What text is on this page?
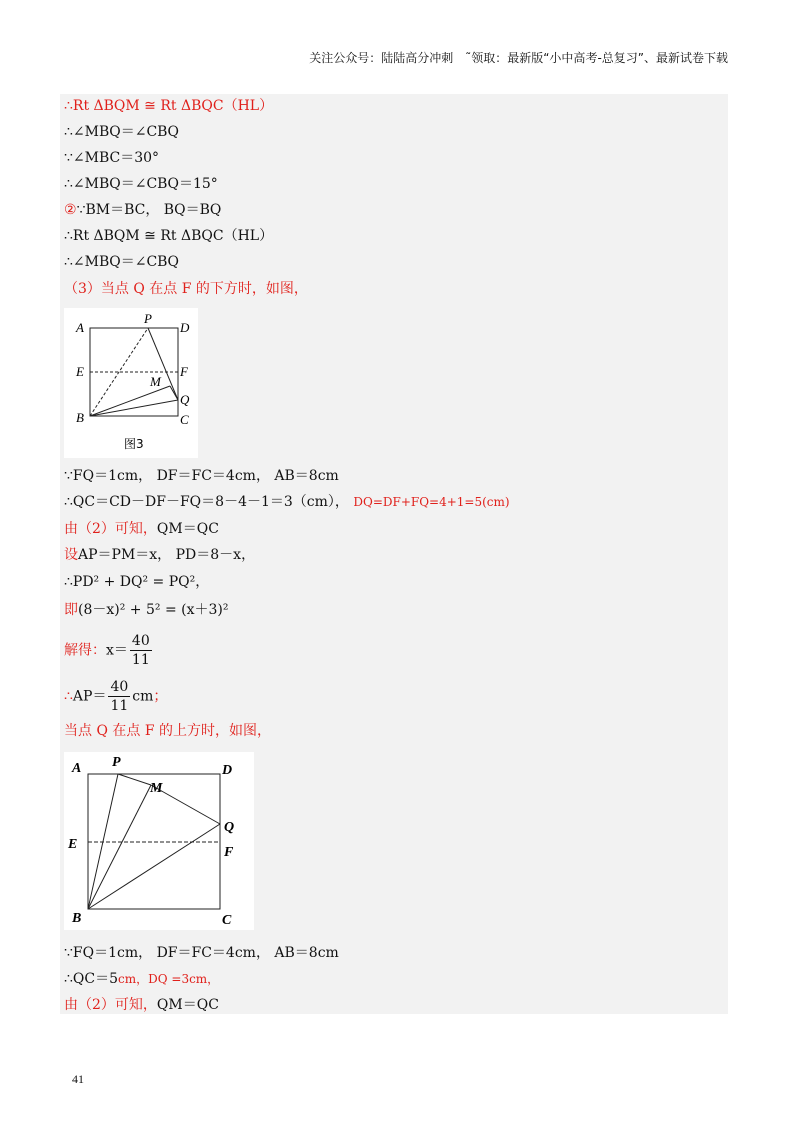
关注公众号：陆陆高分冲刺　˜领取：最新版“小中高考-总复习”、最新试卷下载
∴Rt ΔBQM ≅ Rt ΔBQC（HL）
∴∠MBQ＝∠CBQ
∵∠MBC＝30°
∴∠MBQ＝∠CBQ＝15°
②∵BM＝BC， BQ＝BQ
∴Rt ΔBQM ≅ Rt ΔBQC（HL）
∴∠MBQ＝∠CBQ
（3）当点 Q 在点 F 的下方时，如图，
A
P
D
E	F
M
Q
B	C
图3
∵FQ＝1cm， DF＝FC＝4cm， AB＝8cm
∴QC＝CD－DF－FQ＝8－4－1＝3（cm）， DQ=DF+FQ=4+1=5(cm)
由（2）可知，QM＝QC
设AP＝PM＝x， PD＝8－x，
∴PD² + DQ² = PQ²，
即(8－x)² + 5² = (x＋3)²
解得：$x= \frac{40}{11}$
∴AP＝ $\frac{40}{11}$ cm；
当点 Q 在点 F 的上方时，如图，
A P
M
D
Q
E
F
B	C
∵FQ＝1cm， DF＝FC＝4cm， AB＝8cm
∴QC＝5cm，DQ =3cm，
由（2）可知，QM＝QC
41
